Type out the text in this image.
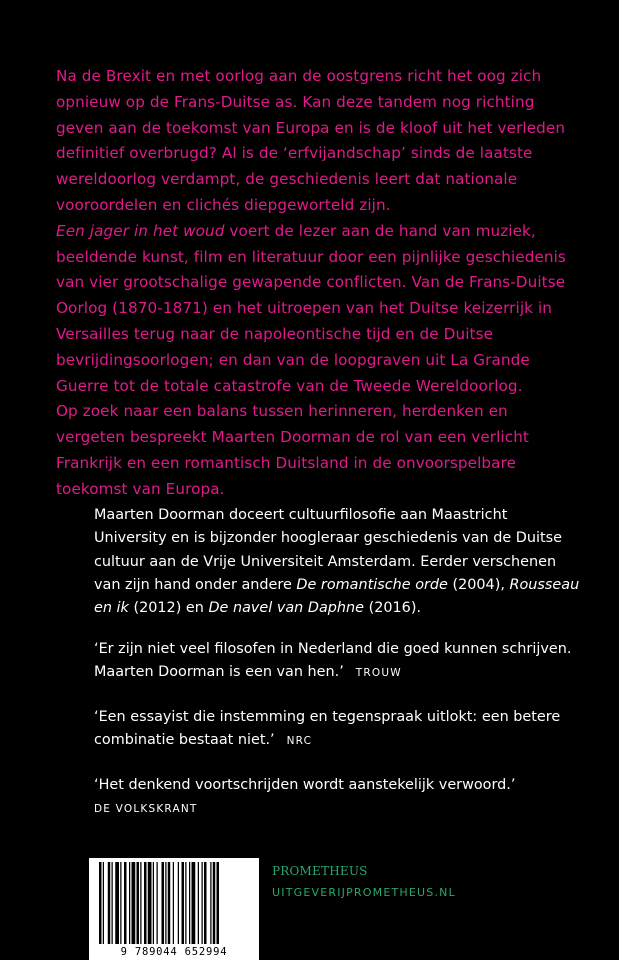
Na de Brexit en met oorlog aan de oostgrens richt het oog zich opnieuw op de Frans-Duitse as. Kan deze tandem nog richting geven aan de toekomst van Europa en is de kloof uit het verleden definitief overbrugd? Al is de ‘erfvijandschap’ sinds de laatste wereldoorlog verdampt, de geschiedenis leert dat nationale vooroordelen en clichés diepgeworteld zijn.

Een jager in het woud voert de lezer aan de hand van muziek, beeldende kunst, film en literatuur door een pijnlijke geschiedenis van vier grootschalige gewapende conflicten. Van de Frans-Duitse Oorlog (1870-1871) en het uitroepen van het Duitse keizerrijk in Versailles terug naar de napoleontische tijd en de Duitse bevrijdingsoorlogen; en dan van de loopgraven uit La Grande Guerre tot de totale catastrofe van de Tweede Wereldoorlog.

Op zoek naar een balans tussen herinneren, herdenken en vergeten bespreekt Maarten Doorman de rol van een verlicht Frankrijk en een romantisch Duitsland in de onvoorspelbare toekomst van Europa.

Maarten Doorman doceert cultuurfilosofie aan Maastricht University en is bijzonder hoogleraar geschiedenis van de Duitse cultuur aan de Vrije Universiteit Amsterdam. Eerder verschenen van zijn hand onder andere De romantische orde (2004), Rousseau en ik (2012) en De navel van Daphne (2016).

‘Er zijn niet veel filosofen in Nederland die goed kunnen schrijven. Maarten Doorman is een van hen.’ TROUW

‘Een essayist die instemming en tegenspraak uitlokt: een betere combinatie bestaat niet.’ NRC

‘Het denkend voortschrijden wordt aanstekelijk verwoord.’
DE VOLKSKRANT

9 789044 652994
PROMETHEUS
UITGEVERIJPROMETHEUS.NL
